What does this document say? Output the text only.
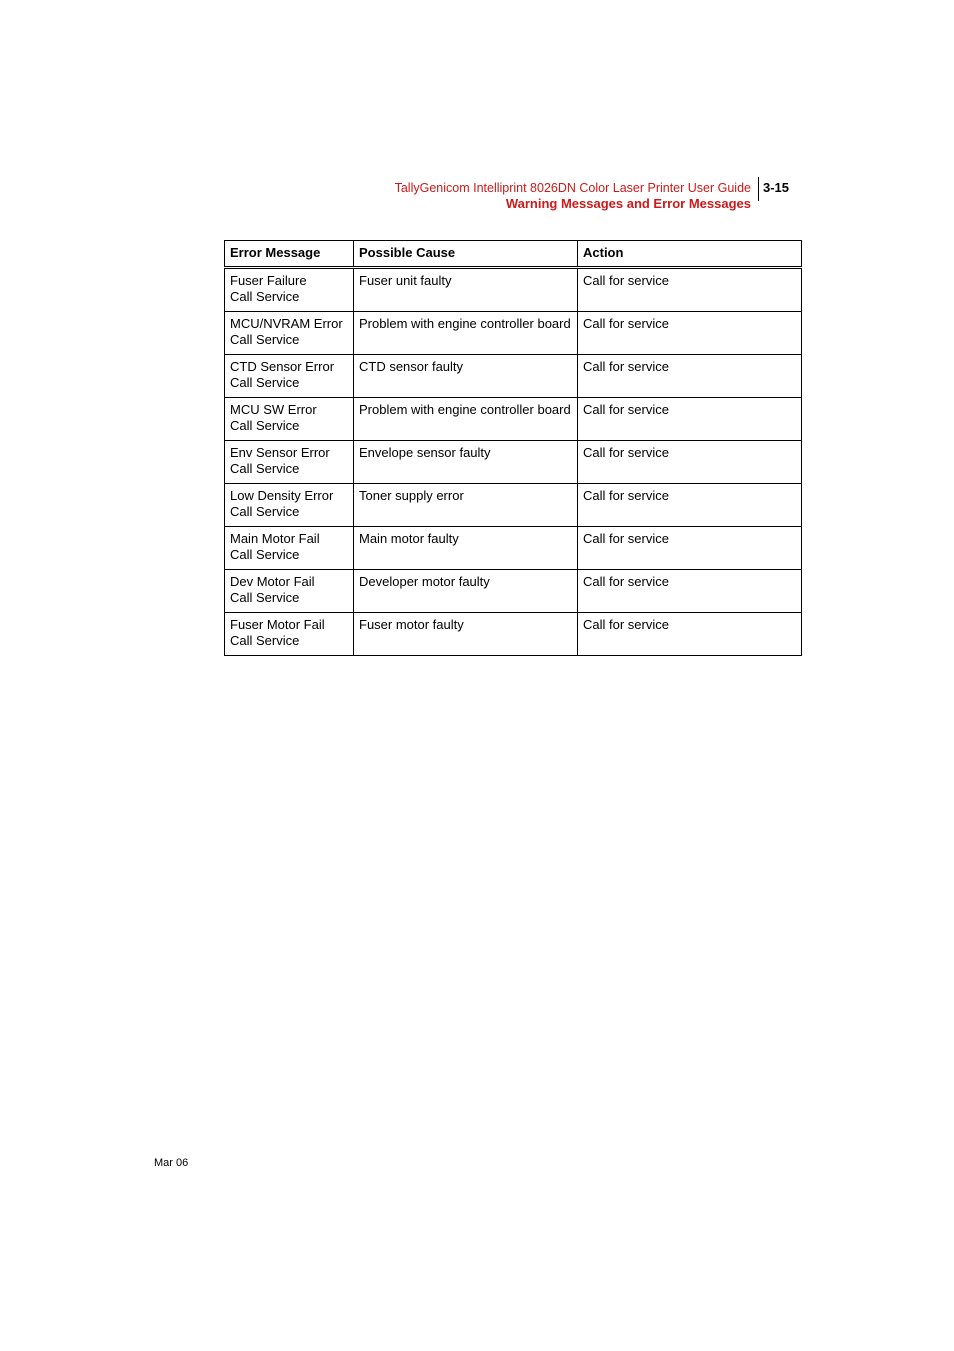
TallyGenicom Intelliprint 8026DN Color Laser Printer User Guide
Warning Messages and Error Messages
3-15
Error Message	Possible Cause	Action

Fuser Failure
Call Service	Fuser unit faulty	Call for service

MCU/NVRAM Error
Call Service	Problem with engine controller board	Call for service

CTD Sensor Error
Call Service	CTD sensor faulty	Call for service

MCU SW Error
Call Service	Problem with engine controller board	Call for service

Env Sensor Error
Call Service	Envelope sensor faulty	Call for service

Low Density Error
Call Service	Toner supply error	Call for service

Main Motor Fail
Call Service	Main motor faulty	Call for service

Dev Motor Fail
Call Service	Developer motor faulty	Call for service

Fuser Motor Fail
Call Service	Fuser motor faulty	Call for service
Mar 06
